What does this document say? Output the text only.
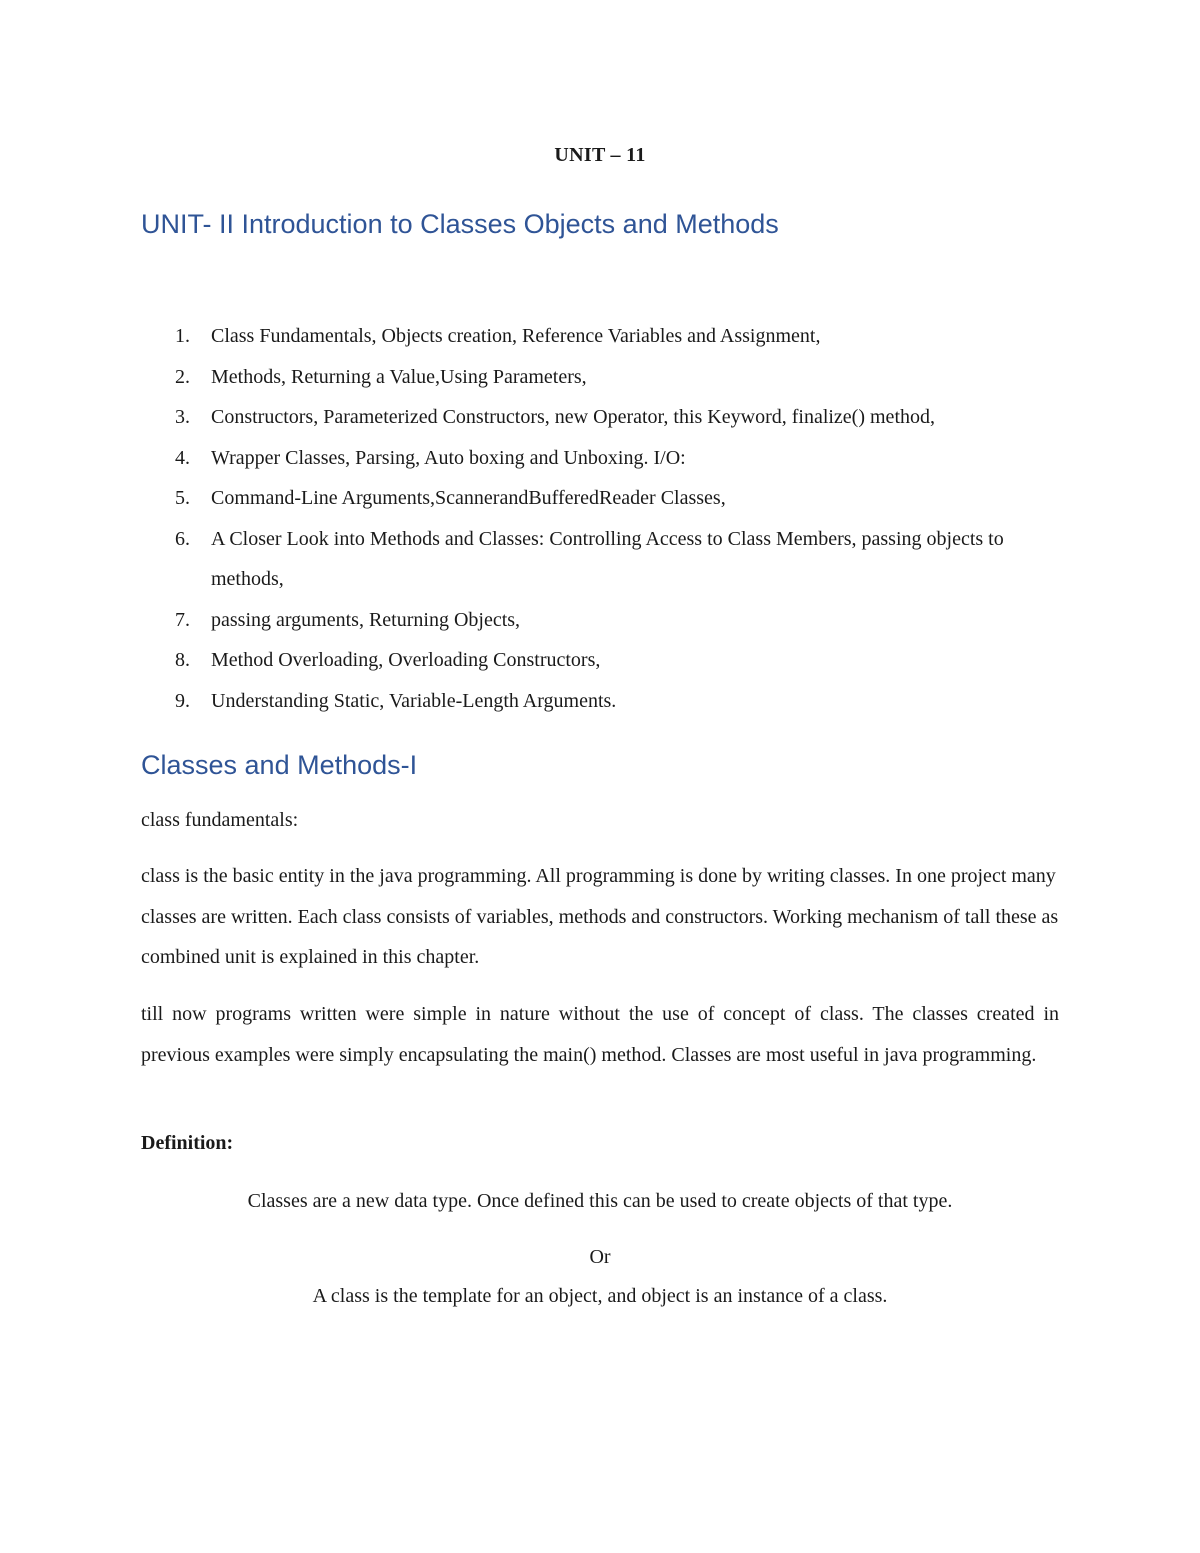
UNIT – 11
UNIT- II Introduction to Classes Objects and Methods
1. Class Fundamentals, Objects creation, Reference Variables and Assignment,
2. Methods, Returning a Value,Using Parameters,
3. Constructors, Parameterized Constructors, new Operator, this Keyword, finalize() method,
4. Wrapper Classes, Parsing, Auto boxing and Unboxing. I/O:
5. Command-Line Arguments,ScannerandBufferedReader Classes,
6. A Closer Look into Methods and Classes: Controlling Access to Class Members, passing objects to methods,
7. passing arguments, Returning Objects,
8. Method Overloading, Overloading Constructors,
9. Understanding Static, Variable-Length Arguments.
Classes and Methods-I

class fundamentals:

class is the basic entity in the java programming. All programming is done by writing classes. In one project many classes are written. Each class consists of variables, methods and constructors. Working mechanism of tall these as combined unit is explained in this chapter.

till now programs written were simple in nature without the use of concept of class. The classes created in previous examples were simply encapsulating the main() method. Classes are most useful in java programming.

Definition:

Classes are a new data type. Once defined this can be used to create objects of that type.

Or

A class is the template for an object, and object is an instance of a class.
